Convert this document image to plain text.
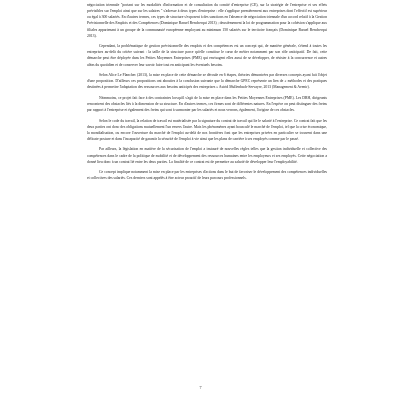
négociation triennale "portant sur les modalités d'information et de consultation du comité d'entreprise (CE), sur la stratégie de l'entreprise et ses effets prévisibles sur l'emploi ainsi que sur les salaires " s'adresse à deux types d'entreprise : elle s'applique premièrement aux entreprises dont l'effectif est supérieur ou égal à 300 salariés. En d'autres termes, ces types de structure s'exposent à des sanctions en l'absence de négociation triennale d'un accord relatif à la Gestion Prévisionnelle des Emplois et des Compétences (Dominique Baruel Bencherqui 2013) ; deuxièmement la loi de programmation pour la cohésion s'applique aux filiales appartenant à un groupe de la communauté européenne employant au minimum 150 salariés sur le territoire français (Dominique Baruel Bencherqui 2013).

Cependant, la problématique de gestion prévisionnelle des emplois et des compétences est un concept qui, de manière générale, s'étend à toutes les entreprises au-delà du critère suivant : la taille de la structure parce qu'elle constitue le cœur de métier notamment par son rôle anticipatif. De fait, cette démarche peut être déployée dans les Petites Moyennes Entreprises (PME) qui envisagent elles aussi de se développer, de résister à la concurrence et autres aléas du quotidien et de conserver leur savoir faire tout en anticipant les éventuels besoins.

Selon Alice Le Flanchec (2013), la mise en place de cette démarche se déroule en 6 étapes, théories démontrées par diverses concepts ayant fait l'objet d'une proposition. D'ailleurs ces propositions ont abouties à la conclusion suivante que la démarche GPEC représente un lien de « méthodes et des pratiques destinées à permettre l'adaptation des ressources aux besoins anticipés des entreprises » Astrid Mullenbach-Servayre, 2013 (Management & Avenir).

Néanmoins, ce projet fait face à des contraintes lorsqu'il s'agit de la mise en place dans les Petites Moyennes Entreprises (PME). Les DRH, dirigeants rencontrent des obstacles liés à la dimension de sa structure. En d'autres termes, ces firmes sont de différentes natures. En l'espèce on peut distinguer des freins par rapport à l'entreprise et également des freins qui sont à surmonter par les salariés et nous verrons, également, l'origine de ces obstacles.

Selon le code du travail, la relation de travail est matérialisée par la signature du contrat de travail qui lie le salarié à l'entreprise. Ce contrat fait que les deux parties ont donc des obligations mutuellement l'un envers l'autre. Mais les phénomènes ayant bousculé le marché de l'emploi, tel que la crise économique, la mondialisation, ou encore l'ouverture du marché de l'emploi au-delà de nos frontières font que les entreprises privées en particulier se trouvent dans une délicate posture et dans l'incapacité de garantir la sécurité de l'emploi à vie ainsi que les plans de carrière à ses employés comme par le passé.

Par ailleurs, la législation en matière de la sécurisation de l'emploi a instauré de nouvelles règles telles que la gestion individuelle et collective des compétences dans le cadre de la politique de mobilité et de développement des ressources humaines entre les employeurs et ses employés. Cette négociation a donné lieu donc à un contrat lié entre les deux parties. La finalité de ce contrat est de permettre au salarié de développer leur l'employabilité.

Ce concept implique notamment la mise en place par les entreprises d'actions dans le but de favoriser le développement des compétences individuelles et collectives des salariés. Ces derniers sont appelés à être acteur proactif de leurs parcours professionnels.

7
